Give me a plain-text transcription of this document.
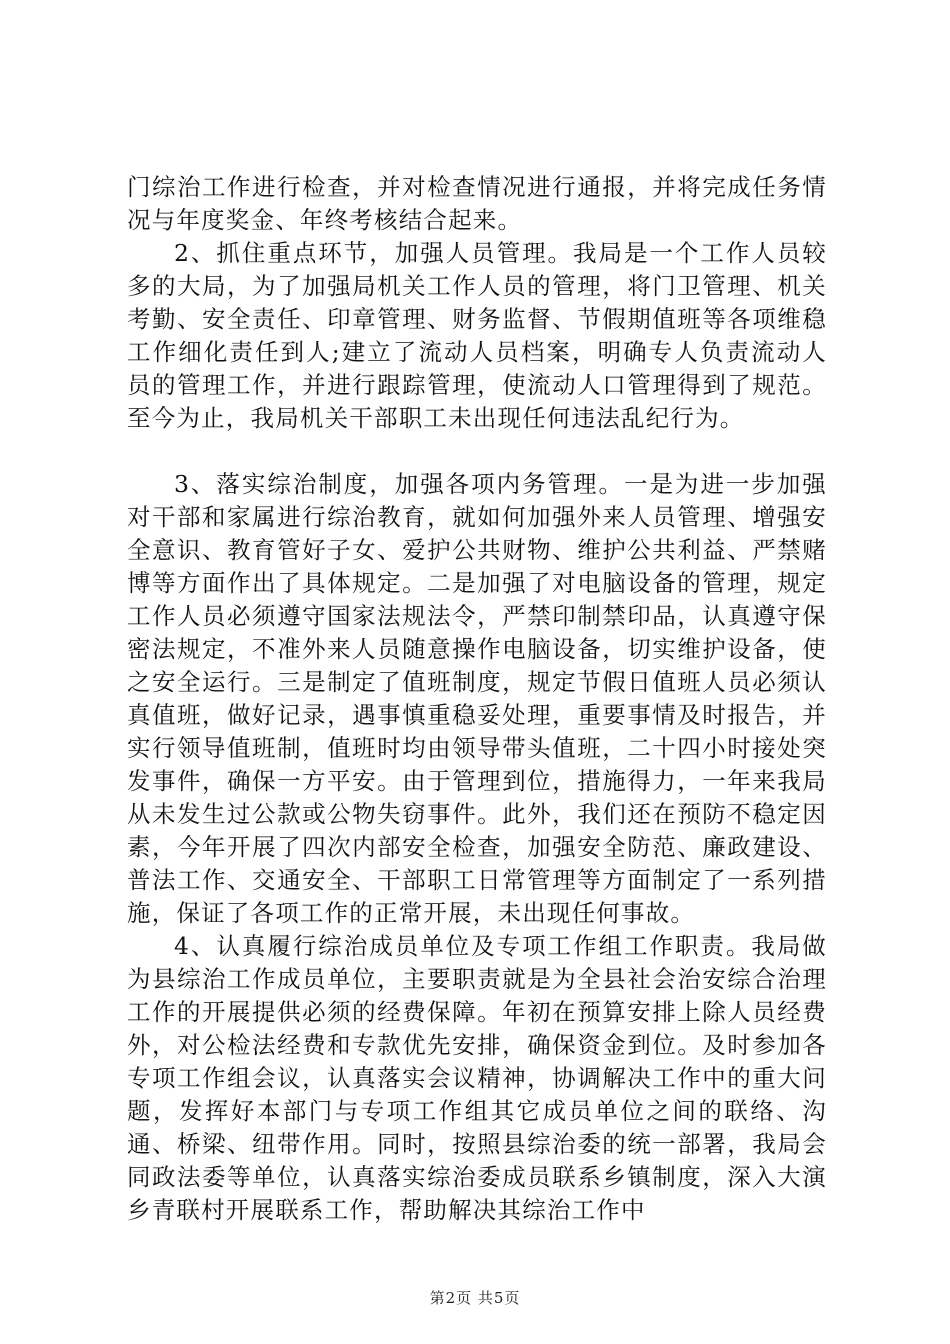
门综治工作进行检查，并对检查情况进行通报，并将完成任务情况与年度奖金、年终考核结合起来。

2、抓住重点环节，加强人员管理。我局是一个工作人员较多的大局，为了加强局机关工作人员的管理，将门卫管理、机关考勤、安全责任、印章管理、财务监督、节假期值班等各项维稳工作细化责任到人;建立了流动人员档案，明确专人负责流动人员的管理工作，并进行跟踪管理，使流动人口管理得到了规范。至今为止，我局机关干部职工未出现任何违法乱纪行为。

3、落实综治制度，加强各项内务管理。一是为进一步加强对干部和家属进行综治教育，就如何加强外来人员管理、增强安全意识、教育管好子女、爱护公共财物、维护公共利益、严禁赌博等方面作出了具体规定。二是加强了对电脑设备的管理，规定工作人员必须遵守国家法规法令，严禁印制禁印品，认真遵守保密法规定，不准外来人员随意操作电脑设备，切实维护设备，使之安全运行。三是制定了值班制度，规定节假日值班人员必须认真值班，做好记录，遇事慎重稳妥处理，重要事情及时报告，并实行领导值班制，值班时均由领导带头值班，二十四小时接处突发事件，确保一方平安。由于管理到位，措施得力，一年来我局从未发生过公款或公物失窃事件。此外，我们还在预防不稳定因素，今年开展了四次内部安全检查，加强安全防范、廉政建设、普法工作、交通安全、干部职工日常管理等方面制定了一系列措施，保证了各项工作的正常开展，未出现任何事故。

4、认真履行综治成员单位及专项工作组工作职责。我局做为县综治工作成员单位，主要职责就是为全县社会治安综合治理工作的开展提供必须的经费保障。年初在预算安排上除人员经费外，对公检法经费和专款优先安排，确保资金到位。及时参加各专项工作组会议，认真落实会议精神，协调解决工作中的重大问题，发挥好本部门与专项工作组其它成员单位之间的联络、沟通、桥梁、纽带作用。同时，按照县综治委的统一部署，我局会同政法委等单位，认真落实综治委成员联系乡镇制度，深入大演乡青联村开展联系工作，帮助解决其综治工作中

第2页 共5页
